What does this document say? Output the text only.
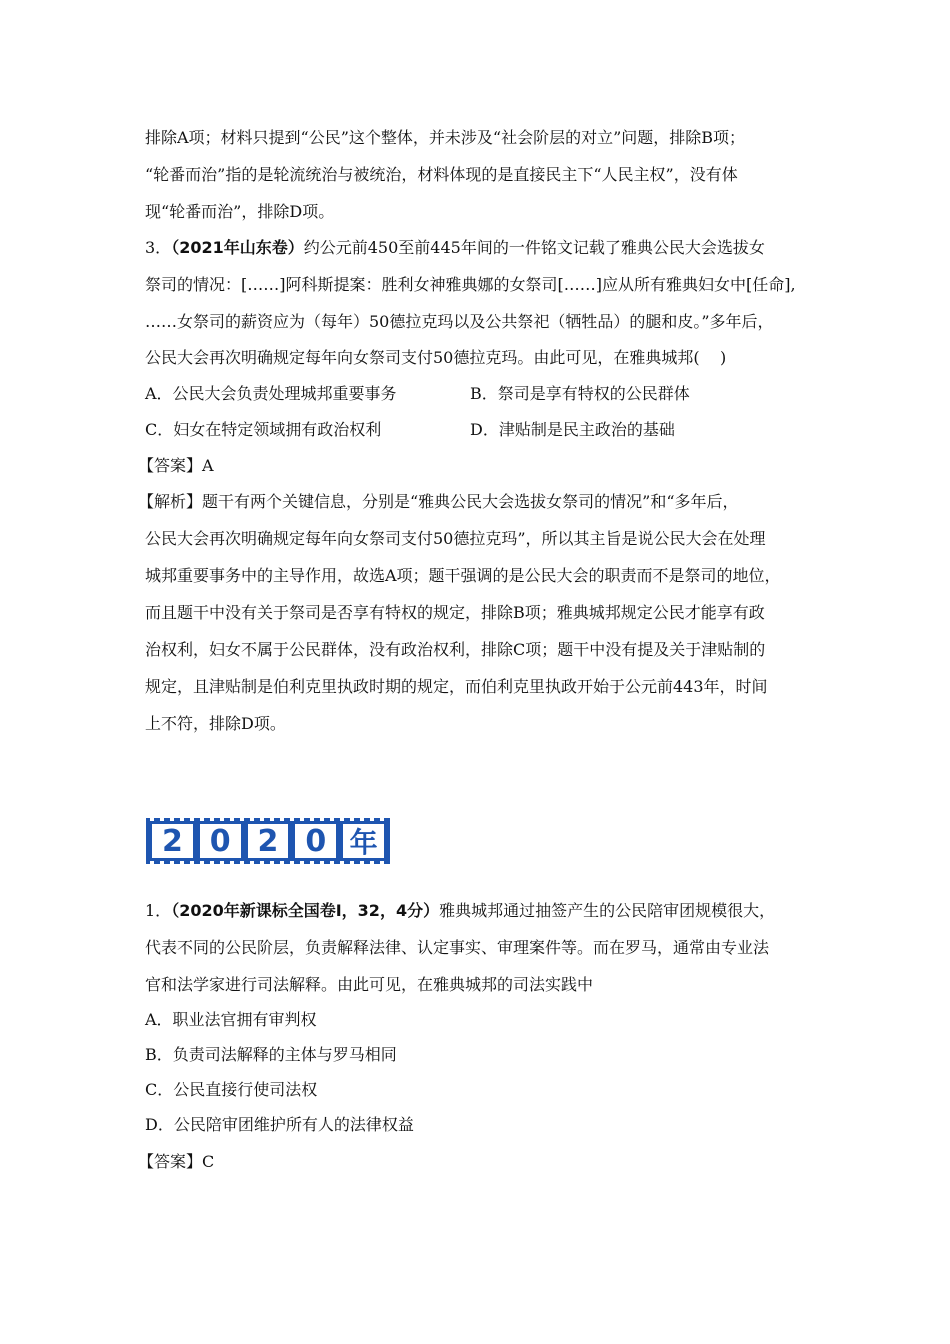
排除A项；材料只提到“公民”这个整体，并未涉及“社会阶层的对立”问题，排除B项；
“轮番而治”指的是轮流统治与被统治，材料体现的是直接民主下“人民主权”，没有体
现“轮番而治”，排除D项。
3．（2021年山东卷）约公元前450至前445年间的一件铭文记载了雅典公民大会选拔女
祭司的情况：[……]阿科斯提案：胜利女神雅典娜的女祭司[……]应从所有雅典妇女中[任命],
……女祭司的薪资应为（每年）50德拉克玛以及公共祭祀（牺牲品）的腿和皮。”多年后，
公民大会再次明确规定每年向女祭司支付50德拉克玛。由此可见，在雅典城邦(    )
A．公民大会负责处理城邦重要事务	B．祭司是享有特权的公民群体
C．妇女在特定领域拥有政治权利	D．津贴制是民主政治的基础
【答案】A
【解析】题干有两个关键信息，分别是“雅典公民大会选拔女祭司的情况”和“多年后，
公民大会再次明确规定每年向女祭司支付50德拉克玛”，所以其主旨是说公民大会在处理
城邦重要事务中的主导作用，故选A项；题干强调的是公民大会的职责而不是祭司的地位，
而且题干中没有关于祭司是否享有特权的规定，排除B项；雅典城邦规定公民才能享有政
治权利，妇女不属于公民群体，没有政治权利，排除C项；题干中没有提及关于津贴制的
规定，且津贴制是伯利克里执政时期的规定，而伯利克里执政开始于公元前443年，时间
上不符，排除D项。
2 0 2 0 年
1．（2020年新课标全国卷I，32，4分）雅典城邦通过抽签产生的公民陪审团规模很大，
代表不同的公民阶层，负责解释法律、认定事实、审理案件等。而在罗马，通常由专业法
官和法学家进行司法解释。由此可见，在雅典城邦的司法实践中
A．职业法官拥有审判权
B．负责司法解释的主体与罗马相同
C．公民直接行使司法权
D．公民陪审团维护所有人的法律权益
【答案】C
